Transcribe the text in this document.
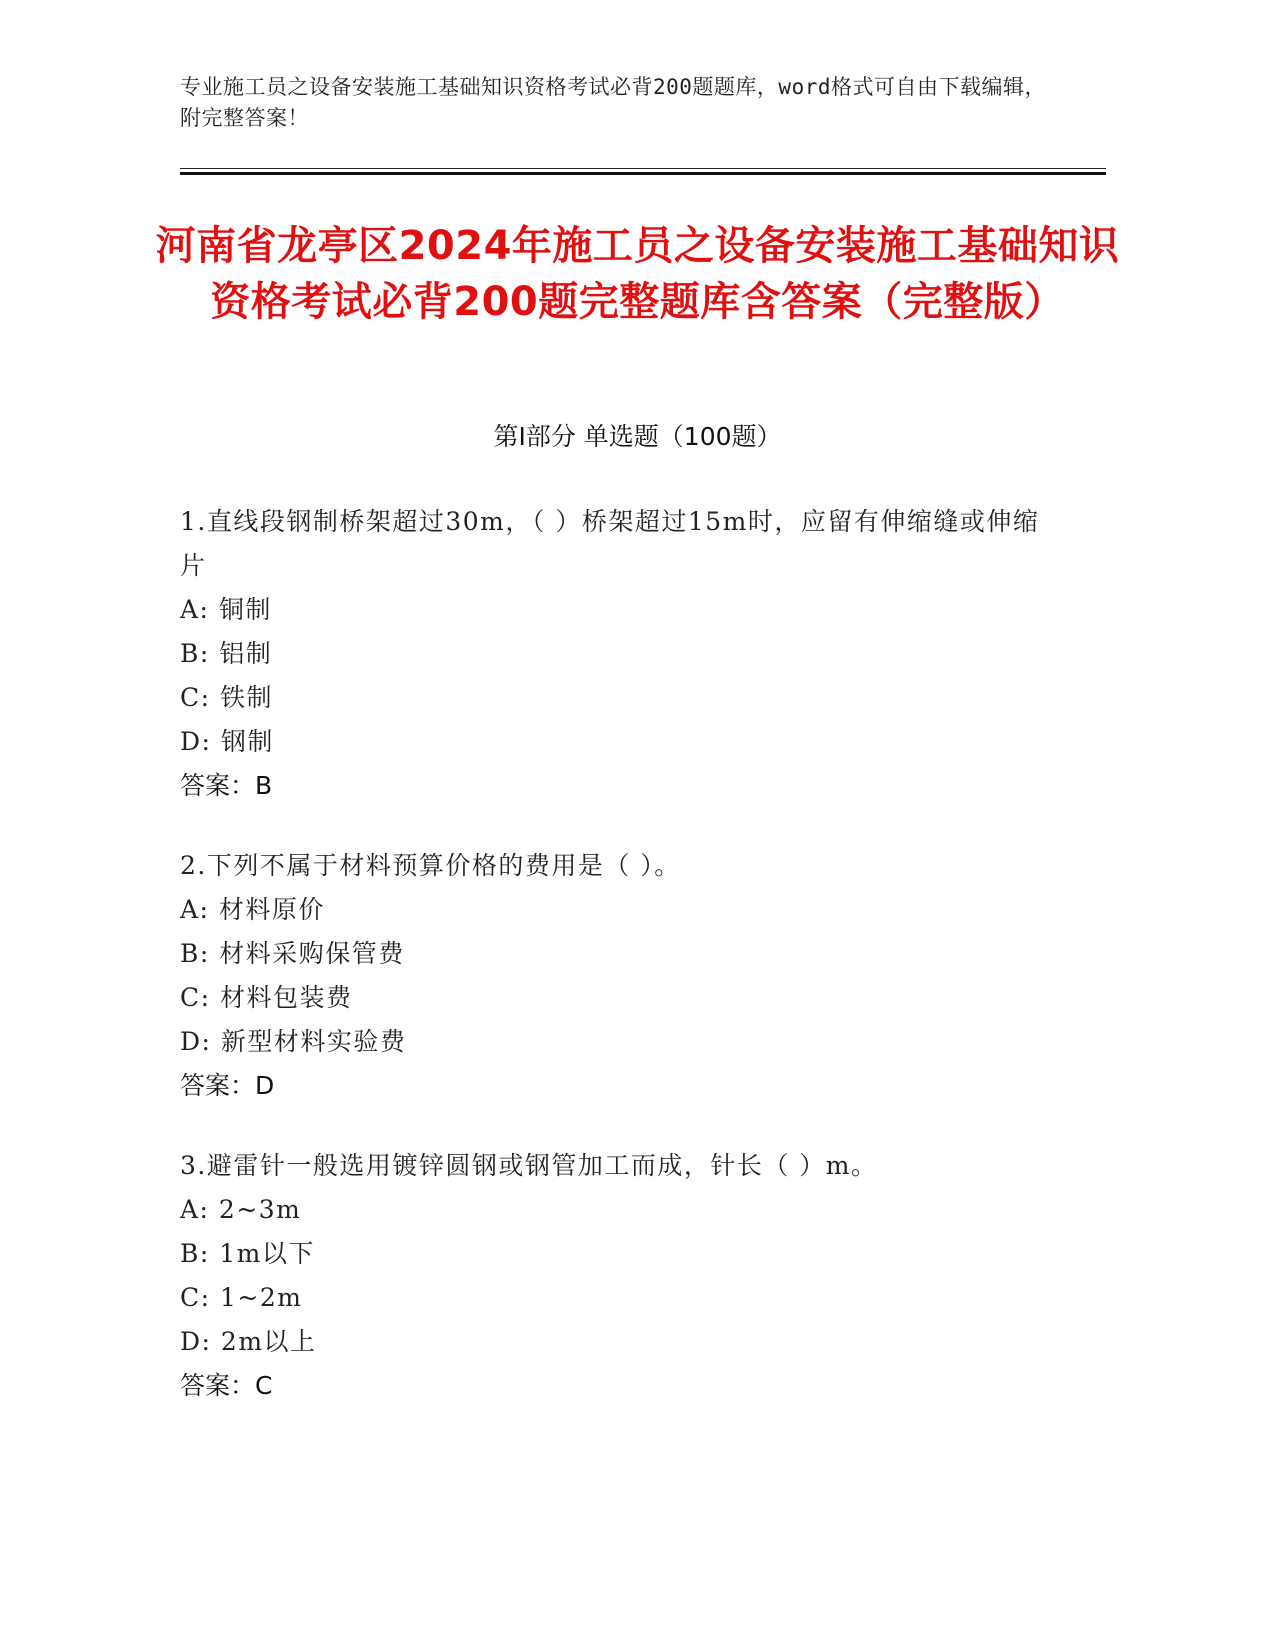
专业施工员之设备安装施工基础知识资格考试必背200题题库，word格式可自由下载编辑，附完整答案！
河南省龙亭区2024年施工员之设备安装施工基础知识资格考试必背200题完整题库含答案（完整版）
第Ⅰ部分 单选题（100题）
1.直线段钢制桥架超过30m，（ ）桥架超过15m时，应留有伸缩缝或伸缩片
A: 铜制
B: 铝制
C: 铁制
D: 钢制
答案：B
2.下列不属于材料预算价格的费用是（ ）。
A: 材料原价
B: 材料采购保管费
C: 材料包装费
D: 新型材料实验费
答案：D
3.避雷针一般选用镀锌圆钢或钢管加工而成，针长（ ）m。
A: 2~3m
B: 1m以下
C: 1~2m
D: 2m以上
答案：C
